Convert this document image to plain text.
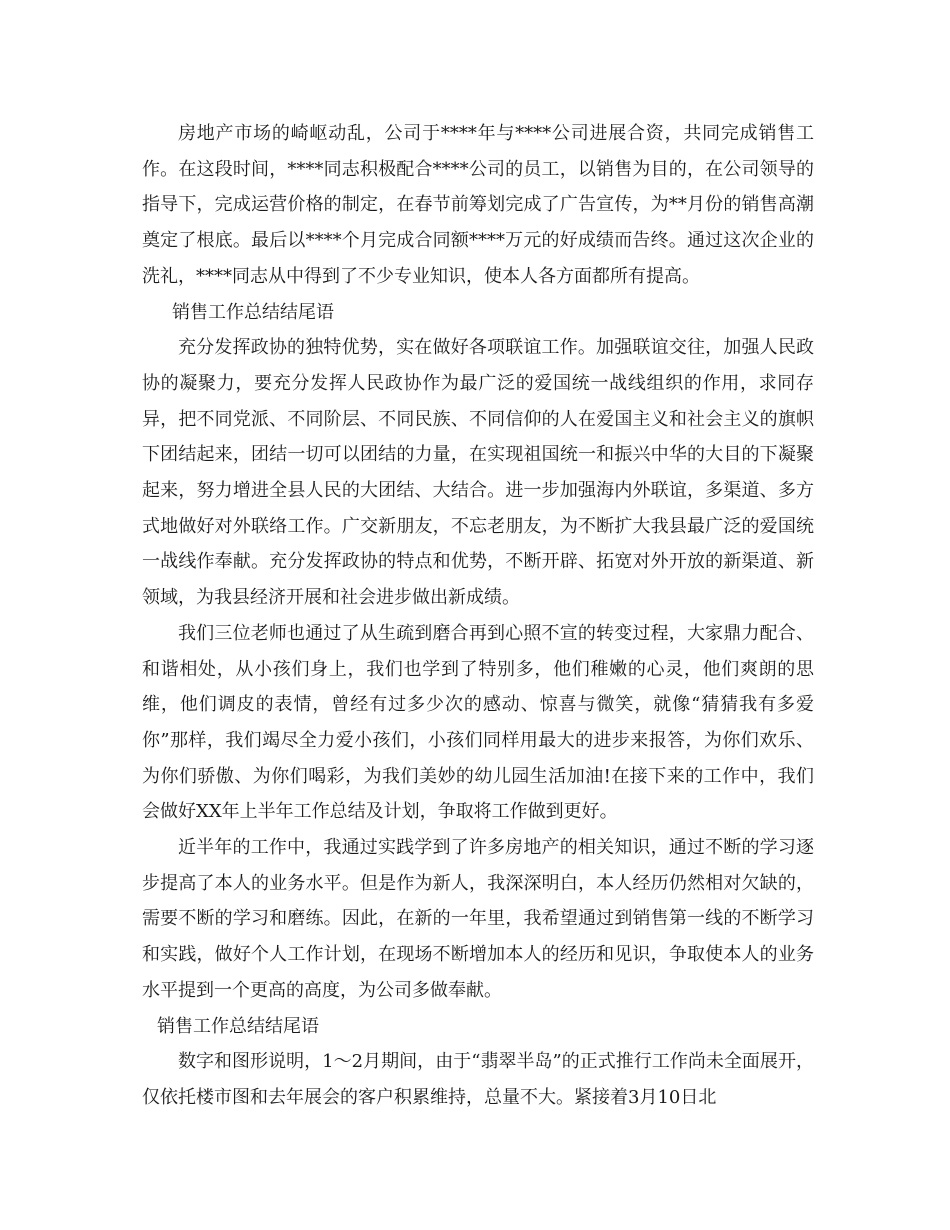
房地产市场的崎岖动乱，公司于****年与****公司进展合资，共同完成销售工作。在这段时间，****同志积极配合****公司的员工，以销售为目的，在公司领导的指导下，完成运营价格的制定，在春节前筹划完成了广告宣传，为**月份的销售高潮奠定了根底。最后以****个月完成合同额****万元的好成绩而告终。通过这次企业的洗礼，****同志从中得到了不少专业知识，使本人各方面都所有提高。

销售工作总结结尾语

充分发挥政协的独特优势，实在做好各项联谊工作。加强联谊交往，加强人民政协的凝聚力，要充分发挥人民政协作为最广泛的爱国统一战线组织的作用，求同存异，把不同党派、不同阶层、不同民族、不同信仰的人在爱国主义和社会主义的旗帜下团结起来，团结一切可以团结的力量，在实现祖国统一和振兴中华的大目的下凝聚起来，努力增进全县人民的大团结、大结合。进一步加强海内外联谊，多渠道、多方式地做好对外联络工作。广交新朋友，不忘老朋友，为不断扩大我县最广泛的爱国统一战线作奉献。充分发挥政协的特点和优势，不断开辟、拓宽对外开放的新渠道、新领域，为我县经济开展和社会进步做出新成绩。

我们三位老师也通过了从生疏到磨合再到心照不宣的转变过程，大家鼎力配合、和谐相处，从小孩们身上，我们也学到了特别多，他们稚嫩的心灵，他们爽朗的思维，他们调皮的表情，曾经有过多少次的感动、惊喜与微笑，就像“猜猜我有多爱你”那样，我们竭尽全力爱小孩们，小孩们同样用最大的进步来报答，为你们欢乐、为你们骄傲、为你们喝彩，为我们美妙的幼儿园生活加油!在接下来的工作中，我们会做好XX年上半年工作总结及计划，争取将工作做到更好。

近半年的工作中，我通过实践学到了许多房地产的相关知识，通过不断的学习逐步提高了本人的业务水平。但是作为新人，我深深明白，本人经历仍然相对欠缺的，需要不断的学习和磨练。因此，在新的一年里，我希望通过到销售第一线的不断学习和实践，做好个人工作计划，在现场不断增加本人的经历和见识，争取使本人的业务水平提到一个更高的高度，为公司多做奉献。

销售工作总结结尾语

数字和图形说明，1～2月期间，由于“翡翠半岛”的正式推行工作尚未全面展开，仅依托楼市图和去年展会的客户积累维持，总量不大。紧接着3月10日北
